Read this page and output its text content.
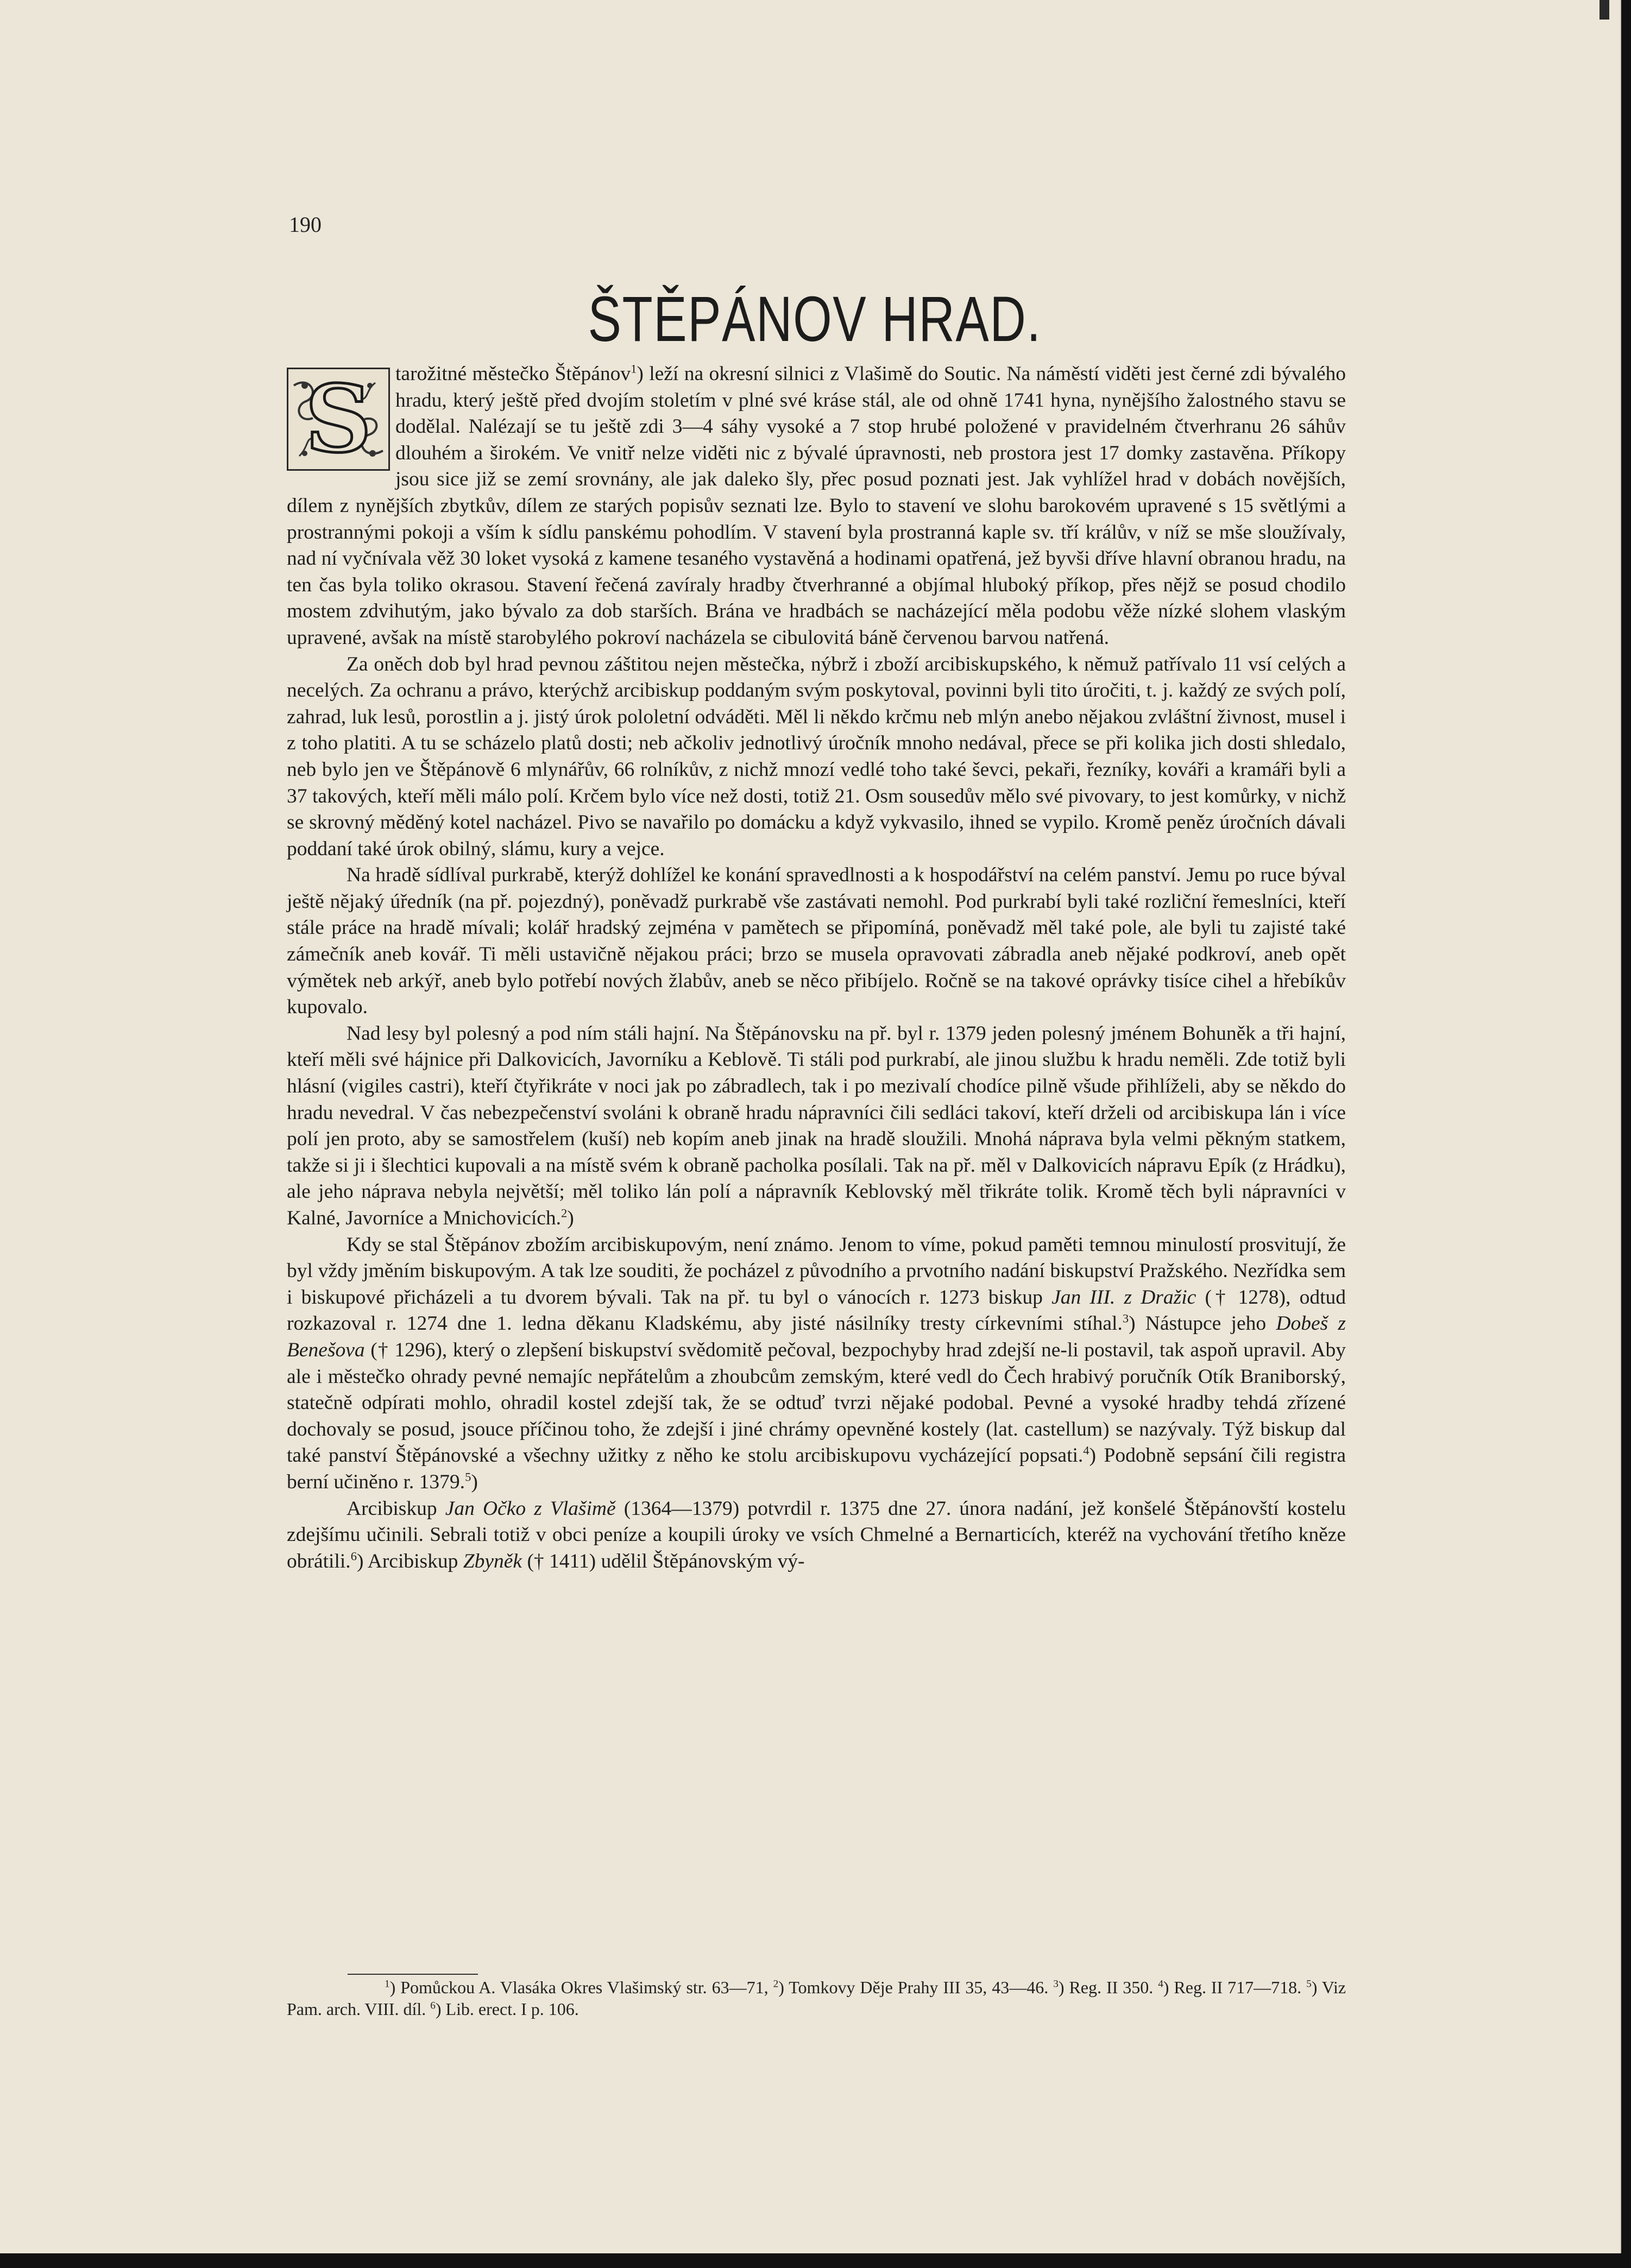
190
ŠTĚPÁNOV HRAD.

S	tarožitné městečko Štěpánov$^1$) leží na okresní silnici z Vlašimě do Soutic. Na náměstí viděti jest černé zdi bývalého hradu, který ještě před dvojím stoletím v plné své kráse stál, ale od ohně 1741 hyna, nynějšího žalostného stavu se dodělal. Nalézají se tu ještě zdi 3—4 sáhy vysoké a 7 stop hrubé položené v pravidelném čtverhranu 26 sáhův dlouhém a širokém. Ve vnitř nelze viděti nic z bývalé úpravnosti, neb prostora jest 17 domky zastavěna. Příkopy jsou sice již se zemí srovnány, ale jak daleko šly, přec posud poznati jest. Jak vyhlížel hrad v dobách novějších, dílem z nynějších zbytkův, dílem ze starých popisův seznati lze. Bylo to stavení ve slohu barokovém upravené s 15 světlými a prostrannými pokoji a vším k sídlu panskému pohodlím. V stavení byla prostranná kaple sv. tří králův, v níž se mše sloužívaly, nad ní vyčnívala věž 30 loket vysoká z kamene tesaného vystavěná a hodinami opatřená, jež byvši dříve hlavní obranou hradu, na ten čas byla toliko okrasou. Stavení řečená zavíraly hradby čtverhranné a objímal hluboký příkop, přes nějž se posud chodilo mostem zdvihutým, jako bývalo za dob starších. Brána ve hradbách se nacházející měla podobu věže nízké slohem vlaským upravené, avšak na místě starobylého pokroví nacházela se cibulovitá báně červenou barvou natřená.

Za oněch dob byl hrad pevnou záštitou nejen městečka, nýbrž i zboží arcibiskupského, k němuž patřívalo 11 vsí celých a necelých. Za ochranu a právo, kterýchž arcibiskup poddaným svým poskytoval, povinni byli tito úročiti, t. j. každý ze svých polí, zahrad, luk lesů, porostlin a j. jistý úrok pololetní odváděti. Měl li někdo krčmu neb mlýn anebo nějakou zvláštní živnost, musel i z toho platiti. A tu se scházelo platů dosti; neb ačkoliv jednotlivý úročník mnoho nedával, přece se při kolika jich dosti shledalo, neb bylo jen ve Štěpánově 6 mlynářův, 66 rolníkův, z nichž mnozí vedlé toho také ševci, pekaři, řezníky, kováři a kramáři byli a 37 takových, kteří měli málo polí. Krčem bylo více než dosti, totiž 21. Osm sousedův mělo své pivovary, to jest komůrky, v nichž se skrovný měděný kotel nacházel. Pivo se navařilo po domácku a když vykvasilo, ihned se vypilo. Kromě peněz úročních dávali poddaní také úrok obilný, slámu, kury a vejce.

Na hradě sídlíval purkrabě, kterýž dohlížel ke konání spravedlnosti a k hospodářství na celém panství. Jemu po ruce býval ještě nějaký úředník (na př. pojezdný), poněvadž purkrabě vše zastávati nemohl. Pod purkrabí byli také rozliční řemeslníci, kteří stále práce na hradě mívali; kolář hradský zejména v pamětech se připomíná, poněvadž měl také pole, ale byli tu zajisté také zámečník aneb kovář. Ti měli ustavičně nějakou práci; brzo se musela opravovati zábradla aneb nějaké podkroví, aneb opět výmětek neb arkýř, aneb bylo potřebí nových žlabův, aneb se něco přibíjelo. Ročně se na takové oprávky tisíce cihel a hřebíkův kupovalo.

Nad lesy byl polesný a pod ním stáli hajní. Na Štěpánovsku na př. byl r. 1379 jeden polesný jménem Bohuněk a tři hajní, kteří měli své hájnice při Dalkovicích, Javorníku a Keblově. Ti stáli pod purkrabí, ale jinou službu k hradu neměli. Zde totiž byli hlásní (vigiles castri), kteří čtyřikráte v noci jak po zábradlech, tak i po mezivalí chodíce pilně všude přihlíželi, aby se někdo do hradu nevedral. V čas nebezpečenství svoláni k obraně hradu nápravníci čili sedláci takoví, kteří drželi od arcibiskupa lán i více polí jen proto, aby se samostřelem (kuší) neb kopím aneb jinak na hradě sloužili. Mnohá náprava byla velmi pěkným statkem, takže si ji i šlechtici kupovali a na místě svém k obraně pacholka posílali. Tak na př. měl v Dalkovicích nápravu Epík (z Hrádku), ale jeho náprava nebyla největší; měl toliko lán polí a nápravník Keblovský měl třikráte tolik. Kromě těch byli nápravníci v Kalné, Javorníce a Mnichovicích.$^2$)

Kdy se stal Štěpánov zbožím arcibiskupovým, není známo. Jenom to víme, pokud paměti temnou minulostí prosvitují, že byl vždy jměním biskupovým. A tak lze souditi, že pocházel z původního a prvotního nadání biskupství Pražského. Nezřídka sem i biskupové přicházeli a tu dvorem bývali. Tak na př. tu byl o vánocích r. 1273 biskup Jan III. z Dražic († 1278), odtud rozkazoval r. 1274 dne 1. ledna děkanu Kladskému, aby jisté násilníky tresty církevními stíhal.$^3$) Nástupce jeho Dobeš z Benešova († 1296), který o zlepšení biskupství svědomitě pečoval, bezpochyby hrad zdejší ne-li postavil, tak aspoň upravil. Aby ale i městečko ohrady pevné nemajíc nepřátelům a zhoubcům zemským, které vedl do Čech hrabivý poručník Otík Braniborský, statečně odpírati mohlo, ohradil kostel zdejší tak, že se odtuď tvrzi nějaké podobal. Pevné a vysoké hradby tehdá zřízené dochovaly se posud, jsouce příčinou toho, že zdejší i jiné chrámy opevněné kostely (lat. castellum) se nazývaly. Týž biskup dal také panství Štěpánovské a všechny užitky z něho ke stolu arcibiskupovu vycházející popsati.$^4$) Podobně sepsání čili registra berní učiněno r. 1379.$^5$)

Arcibiskup Jan Očko z Vlašimě (1364—1379) potvrdil r. 1375 dne 27. února nadání, jež konšelé Štěpánovští kostelu zdejšímu učinili. Sebrali totiž v obci peníze a koupili úroky ve vsích Chmelné a Bernarticích, kteréž na vychování třetího kněze obrátili.$^6$) Arcibiskup Zbyněk († 1411) udělil Štěpánovským vý-

$^1$) Pomůckou A. Vlasáka Okres Vlašimský str. 63—71, $^2$) Tomkovy Děje Prahy III 35, 43—46. $^3$) Reg. II 350. $^4$) Reg. II 717—718. $^5$) Viz Pam. arch. VIII. díl. $^6$) Lib. erect. I p. 106.
